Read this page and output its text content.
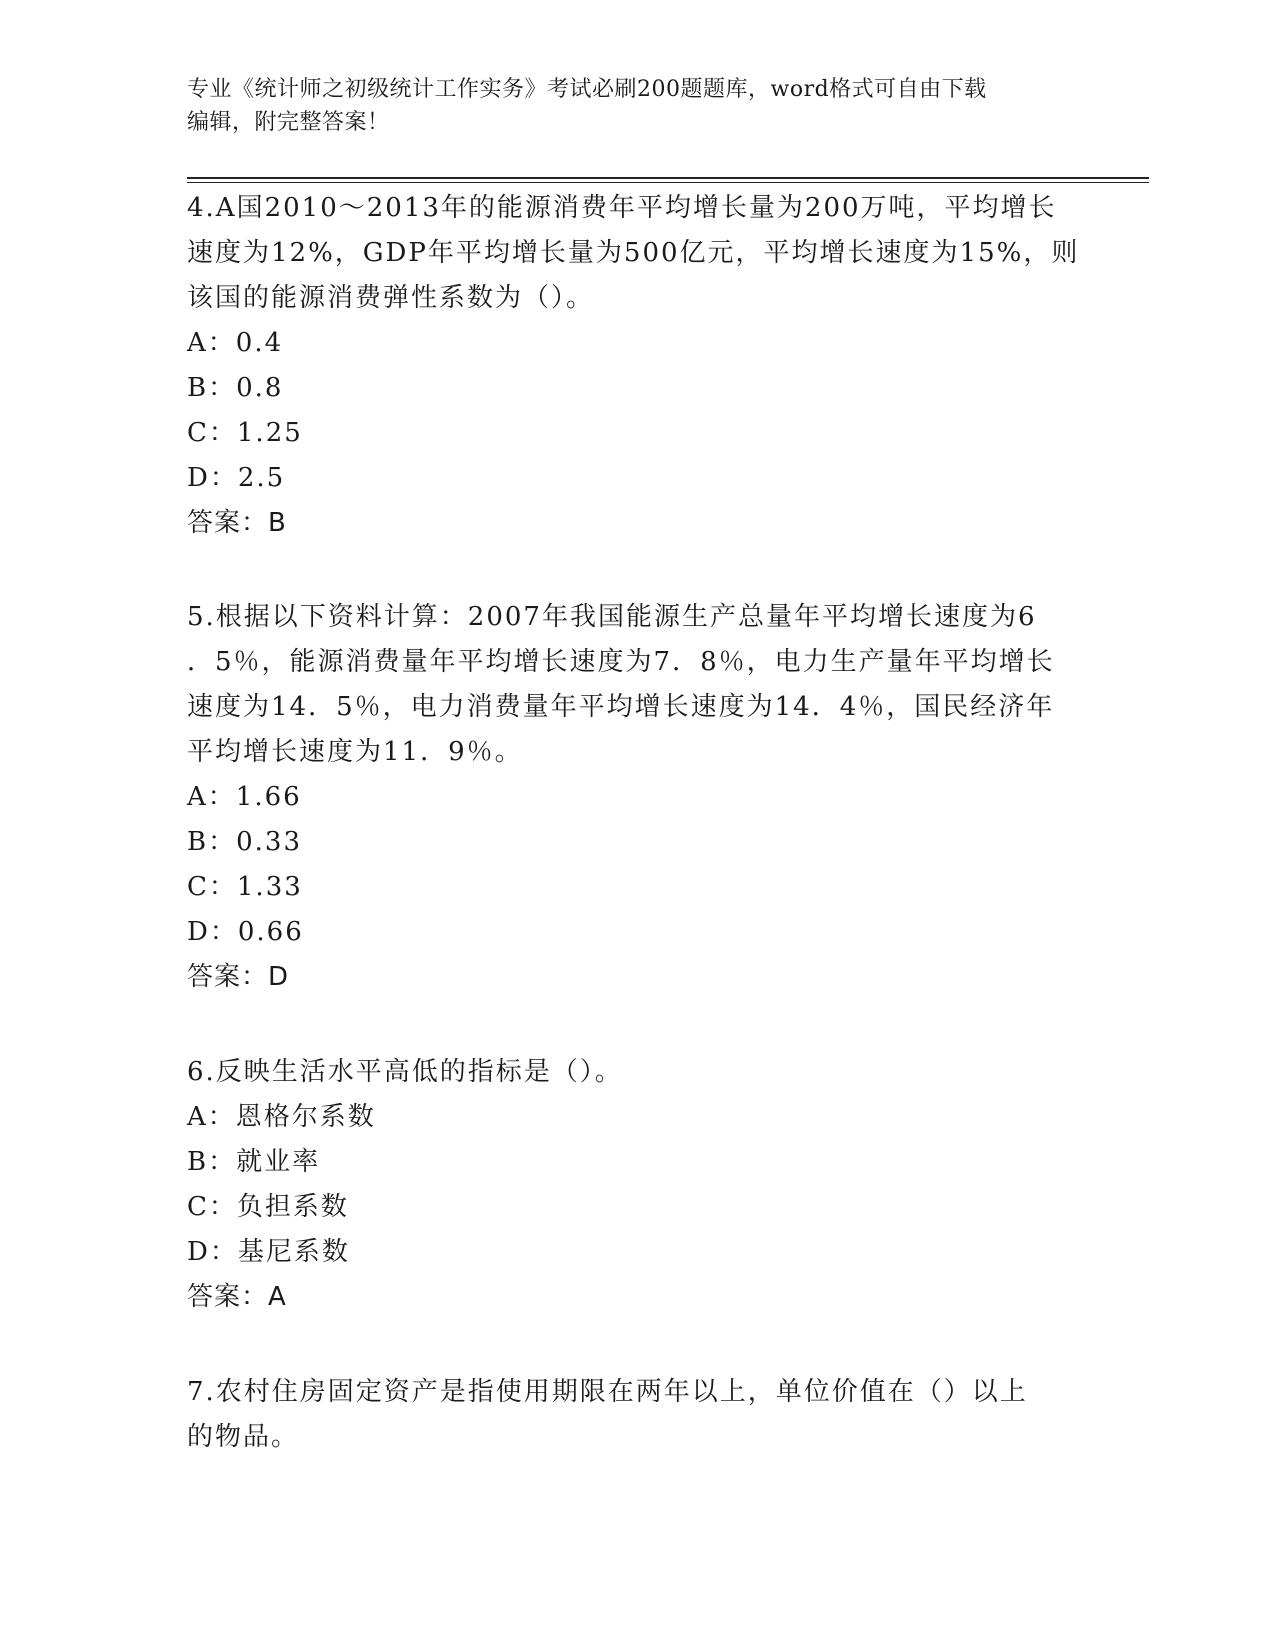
专业《统计师之初级统计工作实务》考试必刷200题题库，word格式可自由下载
编辑，附完整答案！
4.A国2010～2013年的能源消费年平均增长量为200万吨，平均增长
速度为12%，GDP年平均增长量为500亿元，平均增长速度为15%，则
该国的能源消费弹性系数为（）。
A：0.4
B：0.8
C：1.25
D：2.5
答案：B
5.根据以下资料计算：2007年我国能源生产总量年平均增长速度为6
．5％，能源消费量年平均增长速度为7．8％，电力生产量年平均增长
速度为14．5％，电力消费量年平均增长速度为14．4％，国民经济年
平均增长速度为11．9％。
A：1.66
B：0.33
C：1.33
D：0.66
答案：D
6.反映生活水平高低的指标是（）。
A：恩格尔系数
B：就业率
C：负担系数
D：基尼系数
答案：A
7.农村住房固定资产是指使用期限在两年以上，单位价值在（）以上
的物品。
